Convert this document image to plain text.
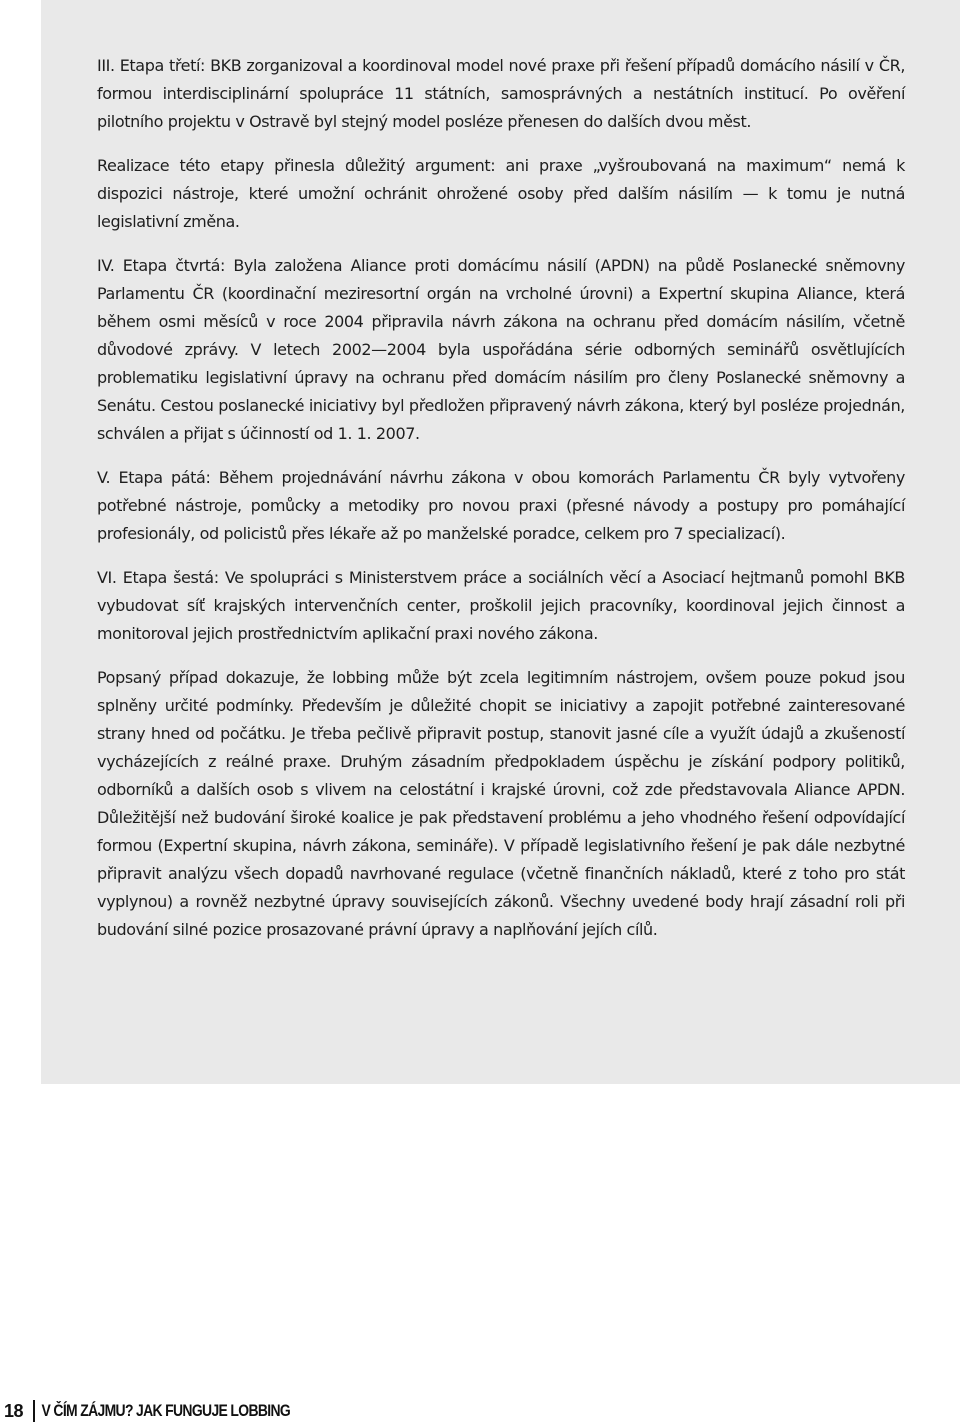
III. Etapa třetí: BKB zorganizoval a koordinoval model nové praxe při řešení případů domácího násilí v ČR, formou interdisciplinární spolupráce 11 státních, samosprávných a nestátních institucí. Po ověření pilotního projektu v Ostravě byl stejný model posléze přenesen do dalších dvou měst.

Realizace této etapy přinesla důležitý argument: ani praxe „vyšroubovaná na maximum“ nemá k dispozici nástroje, které umožní ochránit ohrožené osoby před dalším násilím — k tomu je nutná legislativní změna.

IV. Etapa čtvrtá: Byla založena Aliance proti domácímu násilí (APDN) na půdě Poslanecké sněmovny Parlamentu ČR (koordinační meziresortní orgán na vrcholné úrovni) a Expertní skupina Aliance, která během osmi měsíců v roce 2004 připravila návrh zákona na ochranu před domácím násilím, včetně důvodové zprávy. V letech 2002—2004 byla uspořádána série odborných seminářů osvětlujících problematiku legislativní úpravy na ochranu před domácím násilím pro členy Poslanecké sněmovny a Senátu. Cestou poslanecké iniciativy byl předložen připravený návrh zákona, který byl posléze projednán, schválen a přijat s účinností od 1. 1. 2007.

V. Etapa pátá: Během projednávání návrhu zákona v obou komorách Parlamentu ČR byly vytvořeny potřebné nástroje, pomůcky a metodiky pro novou praxi (přesné návody a postupy pro pomáhající profesionály, od policistů přes lékaře až po manželské poradce, celkem pro 7 specializací).

VI. Etapa šestá: Ve spolupráci s Ministerstvem práce a sociálních věcí a Asociací hejtmanů pomohl BKB vybudovat síť krajských intervenčních center, proškolil jejich pracovníky, koordinoval jejich činnost a monitoroval jejich prostřednictvím aplikační praxi nového zákona.

Popsaný případ dokazuje, že lobbing může být zcela legitimním nástrojem, ovšem pouze pokud jsou splněny určité podmínky. Především je důležité chopit se iniciativy a zapojit potřebné zainteresované strany hned od počátku. Je třeba pečlivě připravit postup, stanovit jasné cíle a využít údajů a zkušeností vycházejících z reálné praxe. Druhým zásadním předpokladem úspěchu je získání podpory politiků, odborníků a dalších osob s vlivem na celostátní i krajské úrovni, což zde představovala Aliance APDN. Důležitější než budování široké koalice je pak představení problému a jeho vhodného řešení odpovídající formou (Expertní skupina, návrh zákona, semináře). V případě legislativního řešení je pak dále nezbytné připravit analýzu všech dopadů navrhované regulace (včetně finančních nákladů, které z toho pro stát vyplynou) a rovněž nezbytné úpravy souvisejících zákonů. Všechny uvedené body hrají zásadní roli při budování silné pozice prosazované právní úpravy a naplňování jejích cílů.

18	V ČÍM ZÁJMU? JAK FUNGUJE LOBBING
